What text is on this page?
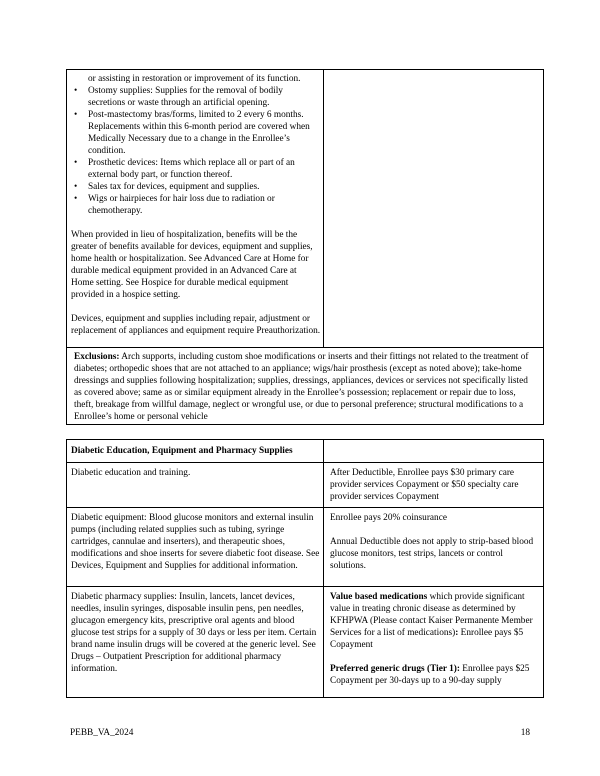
or assisting in restoration or improvement of its function.
• Ostomy supplies: Supplies for the removal of bodily secretions or waste through an artificial opening.
• Post-mastectomy bras/forms, limited to 2 every 6 months. Replacements within this 6-month period are covered when Medically Necessary due to a change in the Enrollee’s condition.
• Prosthetic devices: Items which replace all or part of an external body part, or function thereof.
• Sales tax for devices, equipment and supplies.
• Wigs or hairpieces for hair loss due to radiation or chemotherapy.
When provided in lieu of hospitalization, benefits will be the greater of benefits available for devices, equipment and supplies, home health or hospitalization. See Advanced Care at Home for durable medical equipment provided in an Advanced Care at Home setting. See Hospice for durable medical equipment provided in a hospice setting.
Devices, equipment and supplies including repair, adjustment or replacement of appliances and equipment require Preauthorization.
Exclusions: Arch supports, including custom shoe modifications or inserts and their fittings not related to the treatment of diabetes; orthopedic shoes that are not attached to an appliance; wigs/hair prosthesis (except as noted above); take-home dressings and supplies following hospitalization; supplies, dressings, appliances, devices or services not specifically listed as covered above; same as or similar equipment already in the Enrollee’s possession; replacement or repair due to loss, theft, breakage from willful damage, neglect or wrongful use, or due to personal preference; structural modifications to a Enrollee’s home or personal vehicle
Diabetic Education, Equipment and Pharmacy Supplies
Diabetic education and training.	After Deductible, Enrollee pays $30 primary care provider services Copayment or $50 specialty care provider services Copayment
Diabetic equipment: Blood glucose monitors and external insulin pumps (including related supplies such as tubing, syringe cartridges, cannulae and inserters), and therapeutic shoes, modifications and shoe inserts for severe diabetic foot disease. See Devices, Equipment and Supplies for additional information.
Enrollee pays 20% coinsurance
Annual Deductible does not apply to strip-based blood glucose monitors, test strips, lancets or control solutions.
Diabetic pharmacy supplies: Insulin, lancets, lancet devices, needles, insulin syringes, disposable insulin pens, pen needles, glucagon emergency kits, prescriptive oral agents and blood glucose test strips for a supply of 30 days or less per item. Certain brand name insulin drugs will be covered at the generic level. See Drugs – Outpatient Prescription for additional pharmacy information.
Value based medications which provide significant value in treating chronic disease as determined by KFHPWA (Please contact Kaiser Permanente Member Services for a list of medications): Enrollee pays $5 Copayment
Preferred generic drugs (Tier 1): Enrollee pays $25 Copayment per 30-days up to a 90-day supply
PEBB_VA_2024	18
